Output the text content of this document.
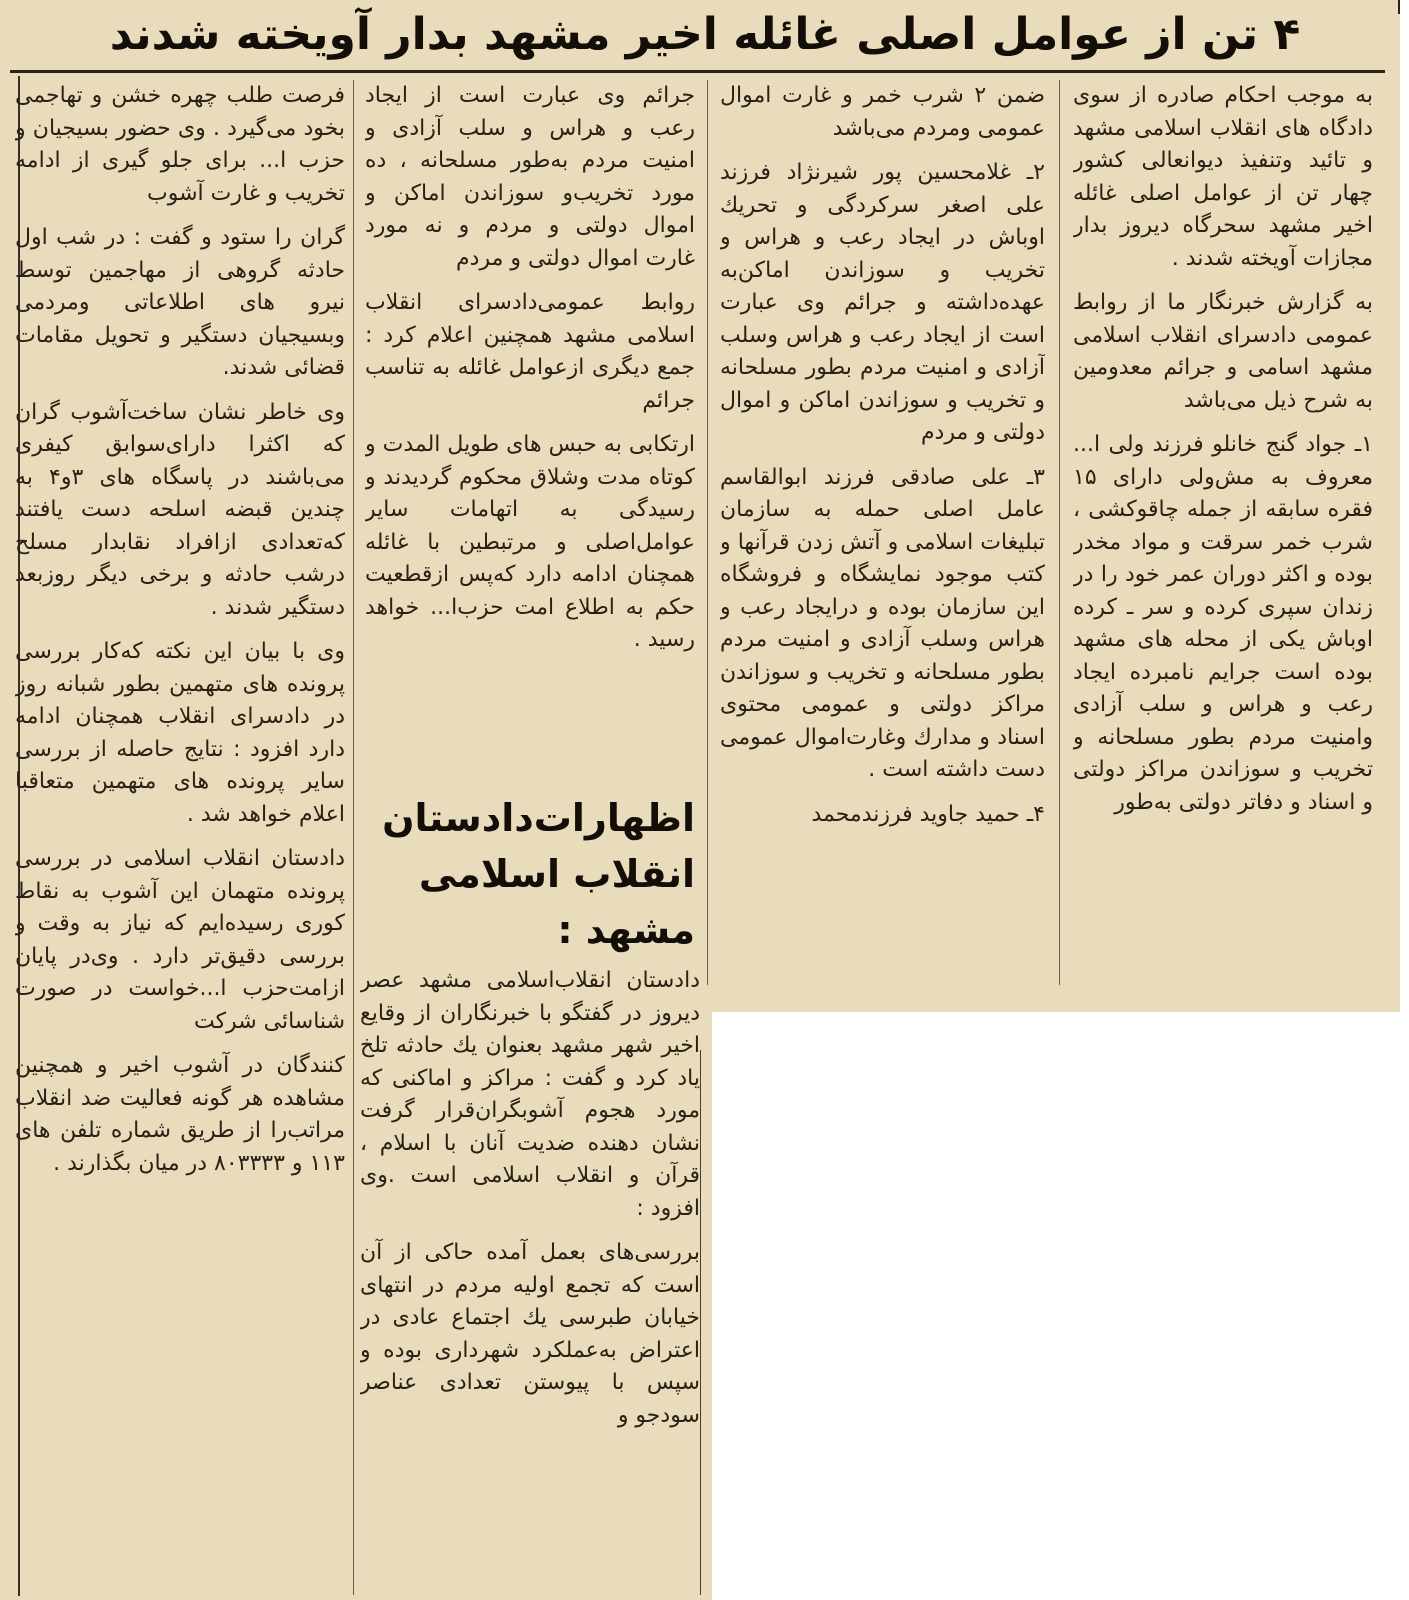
۴ تن از عوامل اصلی غائله اخیر مشهد بدار آویخته شدند

به موجب احکام صادره از سوی دادگاه های انقلاب اسلامی مشهد و تائید وتنفیذ دیوانعالی کشور چهار تن از عوامل اصلی غائله اخیر مشهد سحرگاه دیروز بدار مجازات آویخته شدند .

به گزارش خبرنگار ما از روابط عمومی دادسرای انقلاب اسلامی مشهد اسامی و جرائم معدومین به شرح ذیل می‌باشد

۱ـ جواد گنج خانلو فرزند ولی ا... معروف به مش‌ولی دارای ۱۵ فقره سابقه از جمله چاقوکشی ، شرب خمر سرقت و مواد مخدر بوده و اکثر دوران عمر خود را در زندان سپری کرده و سر ـ کرده اوباش یکی از محله های مشهد بوده است جرایم نامبرده ایجاد رعب و هراس و سلب آزادی وامنیت مردم بطور مسلحانه و تخریب و سوزاندن مراکز دولتی و اسناد و دفاتر دولتی به‌طور

ضمن ۲ شرب خمر و غارت اموال عمومی ومردم می‌باشد

۲ـ غلامحسین پور شیرنژاد فرزند علی اصغر سرکردگی و تحریك اوباش در ایجاد رعب و هراس و تخریب و سوزاندن اماکن‌به عهده‌داشته و جرائم وی عبارت است از ایجاد رعب و هراس وسلب آزادی و امنیت مردم بطور مسلحانه و تخریب و سوزاندن اماکن و اموال دولتی و مردم

۳ـ علی صادقی فرزند ابوالقاسم عامل اصلی حمله به سازمان تبلیغات اسلامی و آتش زدن قرآنها و کتب موجود نمایشگاه و فروشگاه این سازمان بوده و درایجاد رعب و هراس وسلب آزادی و امنیت مردم بطور مسلحانه و تخریب و سوزاندن مراکز دولتی و عمومی محتوی اسناد و مدارك وغارت‌اموال عمومی دست داشته است .

۴ـ حمید جاوید فرزندمحمد

جرائم وی عبارت است از ایجاد رعب و هراس و سلب آزادی و امنیت مردم به‌طور مسلحانه ، ده مورد تخریب‌و سوزاندن اماکن و اموال دولتی و مردم و نه مورد غارت اموال دولتی و مردم

روابط عمومی‌دادسرای انقلاب اسلامی مشهد همچنین اعلام کرد : جمع دیگری ازعوامل غائله به تناسب جرائم

ارتکابی به حبس های طویل المدت و کوتاه مدت وشلاق محکوم گردیدند و رسیدگی به اتهامات سایر عوامل‌اصلی و مرتبطین با غائله همچنان ادامه دارد که‌پس ازقطعیت حکم به اطلاع امت حزب‌ا... خواهد رسید .

اظهارات‌دادستان انقلاب اسلامی مشهد :

دادستان انقلاب‌اسلامی مشهد عصر دیروز در گفتگو با خبرنگاران از وقایع اخیر شهر مشهد بعنوان یك حادثه تلخ یاد کرد و گفت : مراکز و اماکنی که مورد هجوم آشوبگران‌قرار گرفت نشان دهنده ضدیت آنان با اسلام ، قرآن و انقلاب اسلامی است .وی افزود :

بررسی‌های بعمل آمده حاکی از آن است که تجمع اولیه مردم در انتهای خیابان طبرسی یك اجتماع عادی در اعتراض به‌عملکرد شهرداری بوده و سپس با پیوستن تعدادی عناصر سودجو و

فرصت طلب چهره خشن و تهاجمی بخود می‌گیرد . وی حضور بسیجیان و حزب ا... برای جلو گیری از ادامه تخریب و غارت آشوب

گران را ستود و گفت : در شب اول حادثه گروهی از مهاجمین توسط نیرو های اطلاعاتی ومردمی وبسیجیان دستگیر و تحویل مقامات قضائی شدند.

وی خاطر نشان ساخت‌آشوب گران که اکثرا دارای‌سوابق کیفری می‌باشند در پاسگاه های ۳و۴ به چندین قبضه اسلحه دست یافتند که‌تعدادی ازافراد نقابدار مسلح درشب حادثه و برخی دیگر روزبعد دستگیر شدند .

وی با بیان این نکته که‌کار بررسی پرونده های متهمین بطور شبانه روز در دادسرای انقلاب همچنان ادامه دارد افزود : نتایج حاصله از بررسی سایر پرونده های متهمین متعاقبا اعلام خواهد شد .

دادستان انقلاب اسلامی در بررسی پرونده متهمان این آشوب به نقاط کوری رسیده‌ایم که نیاز به وقت و بررسی دقیق‌تر دارد . وی‌در پایان ازامت‌حزب ا...خواست در صورت شناسائی شرکت‌

کنندگان در آشوب اخیر و همچنین مشاهده هر گونه فعالیت ضد انقلاب مراتب‌را از طریق شماره تلفن های ۱۱۳ و ۸۰۳۳۳۳ در میان بگذارند .
